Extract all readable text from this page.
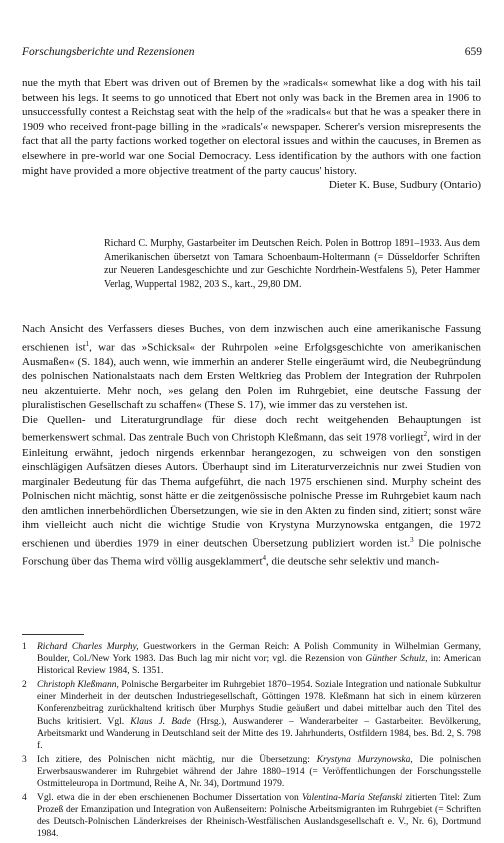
Forschungsberichte und Rezensionen	659

nue the myth that Ebert was driven out of Bremen by the »radicals« somewhat like a dog with his tail between his legs. It seems to go unnoticed that Ebert not only was back in the Bremen area in 1906 to unsuccessfully contest a Reichstag seat with the help of the »radicals« but that he was a speaker there in 1909 who received front-page billing in the »radicals'« newspaper. Scherer's version misrepresents the fact that all the party factions worked together on electoral issues and within the caucuses, in Bremen as elsewhere in pre-world war one Social Democracy. Less identification by the authors with one faction might have provided a more objective treatment of the party caucus' history.

Dieter K. Buse, Sudbury (Ontario)

Richard C. Murphy, Gastarbeiter im Deutschen Reich. Polen in Bottrop 1891–1933. Aus dem Amerikanischen übersetzt von Tamara Schoenbaum-Holtermann (= Düsseldorfer Schriften zur Neueren Landesgeschichte und zur Geschichte Nordrhein-Westfalens 5), Peter Hammer Verlag, Wuppertal 1982, 203 S., kart., 29,80 DM.

Nach Ansicht des Verfassers dieses Buches, von dem inzwischen auch eine amerikanische Fassung erschienen ist$^1$, war das »Schicksal« der Ruhrpolen »eine Erfolgsgeschichte von amerikanischen Ausmaßen« (S. 184), auch wenn, wie immerhin an anderer Stelle eingeräumt wird, die Neubegründung des polnischen Nationalstaats nach dem Ersten Weltkrieg das Problem der Integration der Ruhrpolen neu akzentuierte. Mehr noch, »es gelang den Polen im Ruhrgebiet, eine deutsche Fassung der pluralistischen Gesellschaft zu schaffen« (These S. 17), wie immer das zu verstehen ist.

Die Quellen- und Literaturgrundlage für diese doch recht weitgehenden Behauptungen ist bemerkenswert schmal. Das zentrale Buch von Christoph Kleßmann, das seit 1978 vorliegt$^2$, wird in der Einleitung erwähnt, jedoch nirgends erkennbar herangezogen, zu schweigen von den sonstigen einschlägigen Aufsätzen dieses Autors. Überhaupt sind im Literaturverzeichnis nur zwei Studien von marginaler Bedeutung für das Thema aufgeführt, die nach 1975 erschienen sind. Murphy scheint des Polnischen nicht mächtig, sonst hätte er die zeitgenössische polnische Presse im Ruhrgebiet kaum nach den amtlichen innerbehördlichen Übersetzungen, wie sie in den Akten zu finden sind, zitiert; sonst wäre ihm vielleicht auch nicht die wichtige Studie von Krystyna Murzynowska entgangen, die 1972 erschienen und überdies 1979 in einer deutschen Übersetzung publiziert worden ist.$^3$ Die polnische Forschung über das Thema wird völlig ausgeklammert$^4$, die deutsche sehr selektiv und manch-

1 Richard Charles Murphy, Guestworkers in the German Reich: A Polish Community in Wilhelmian Germany, Boulder, Col./New York 1983. Das Buch lag mir nicht vor; vgl. die Rezension von Günther Schulz, in: American Historical Review 1984, S. 1351.
2 Christoph Kleßmann, Polnische Bergarbeiter im Ruhrgebiet 1870–1954. Soziale Integration und nationale Subkultur einer Minderheit in der deutschen Industriegesellschaft, Göttingen 1978. Kleßmann hat sich in einem kürzeren Konferenzbeitrag zurückhaltend kritisch über Murphys Studie geäußert und dabei mittelbar auch den Titel des Buchs kritisiert. Vgl. Klaus J. Bade (Hrsg.), Auswanderer – Wanderarbeiter – Gastarbeiter. Bevölkerung, Arbeitsmarkt und Wanderung in Deutschland seit der Mitte des 19. Jahrhunderts, Ostfildern 1984, bes. Bd. 2, S. 798 f.
3 Ich zitiere, des Polnischen nicht mächtig, nur die Übersetzung: Krystyna Murzynowska, Die polnischen Erwerbsauswanderer im Ruhrgebiet während der Jahre 1880–1914 (= Veröffentlichungen der Forschungsstelle Ostmitteleuropa in Dortmund, Reihe A, Nr. 34), Dortmund 1979.
4 Vgl. etwa die in der eben erschienenen Bochumer Dissertation von Valentina-Maria Stefanski zitierten Titel: Zum Prozeß der Emanzipation und Integration von Außenseitern: Polnische Arbeitsmigranten im Ruhrgebiet (= Schriften des Deutsch-Polnischen Länderkreises der Rheinisch-Westfälischen Auslandsgesellschaft e. V., Nr. 6), Dortmund 1984.
